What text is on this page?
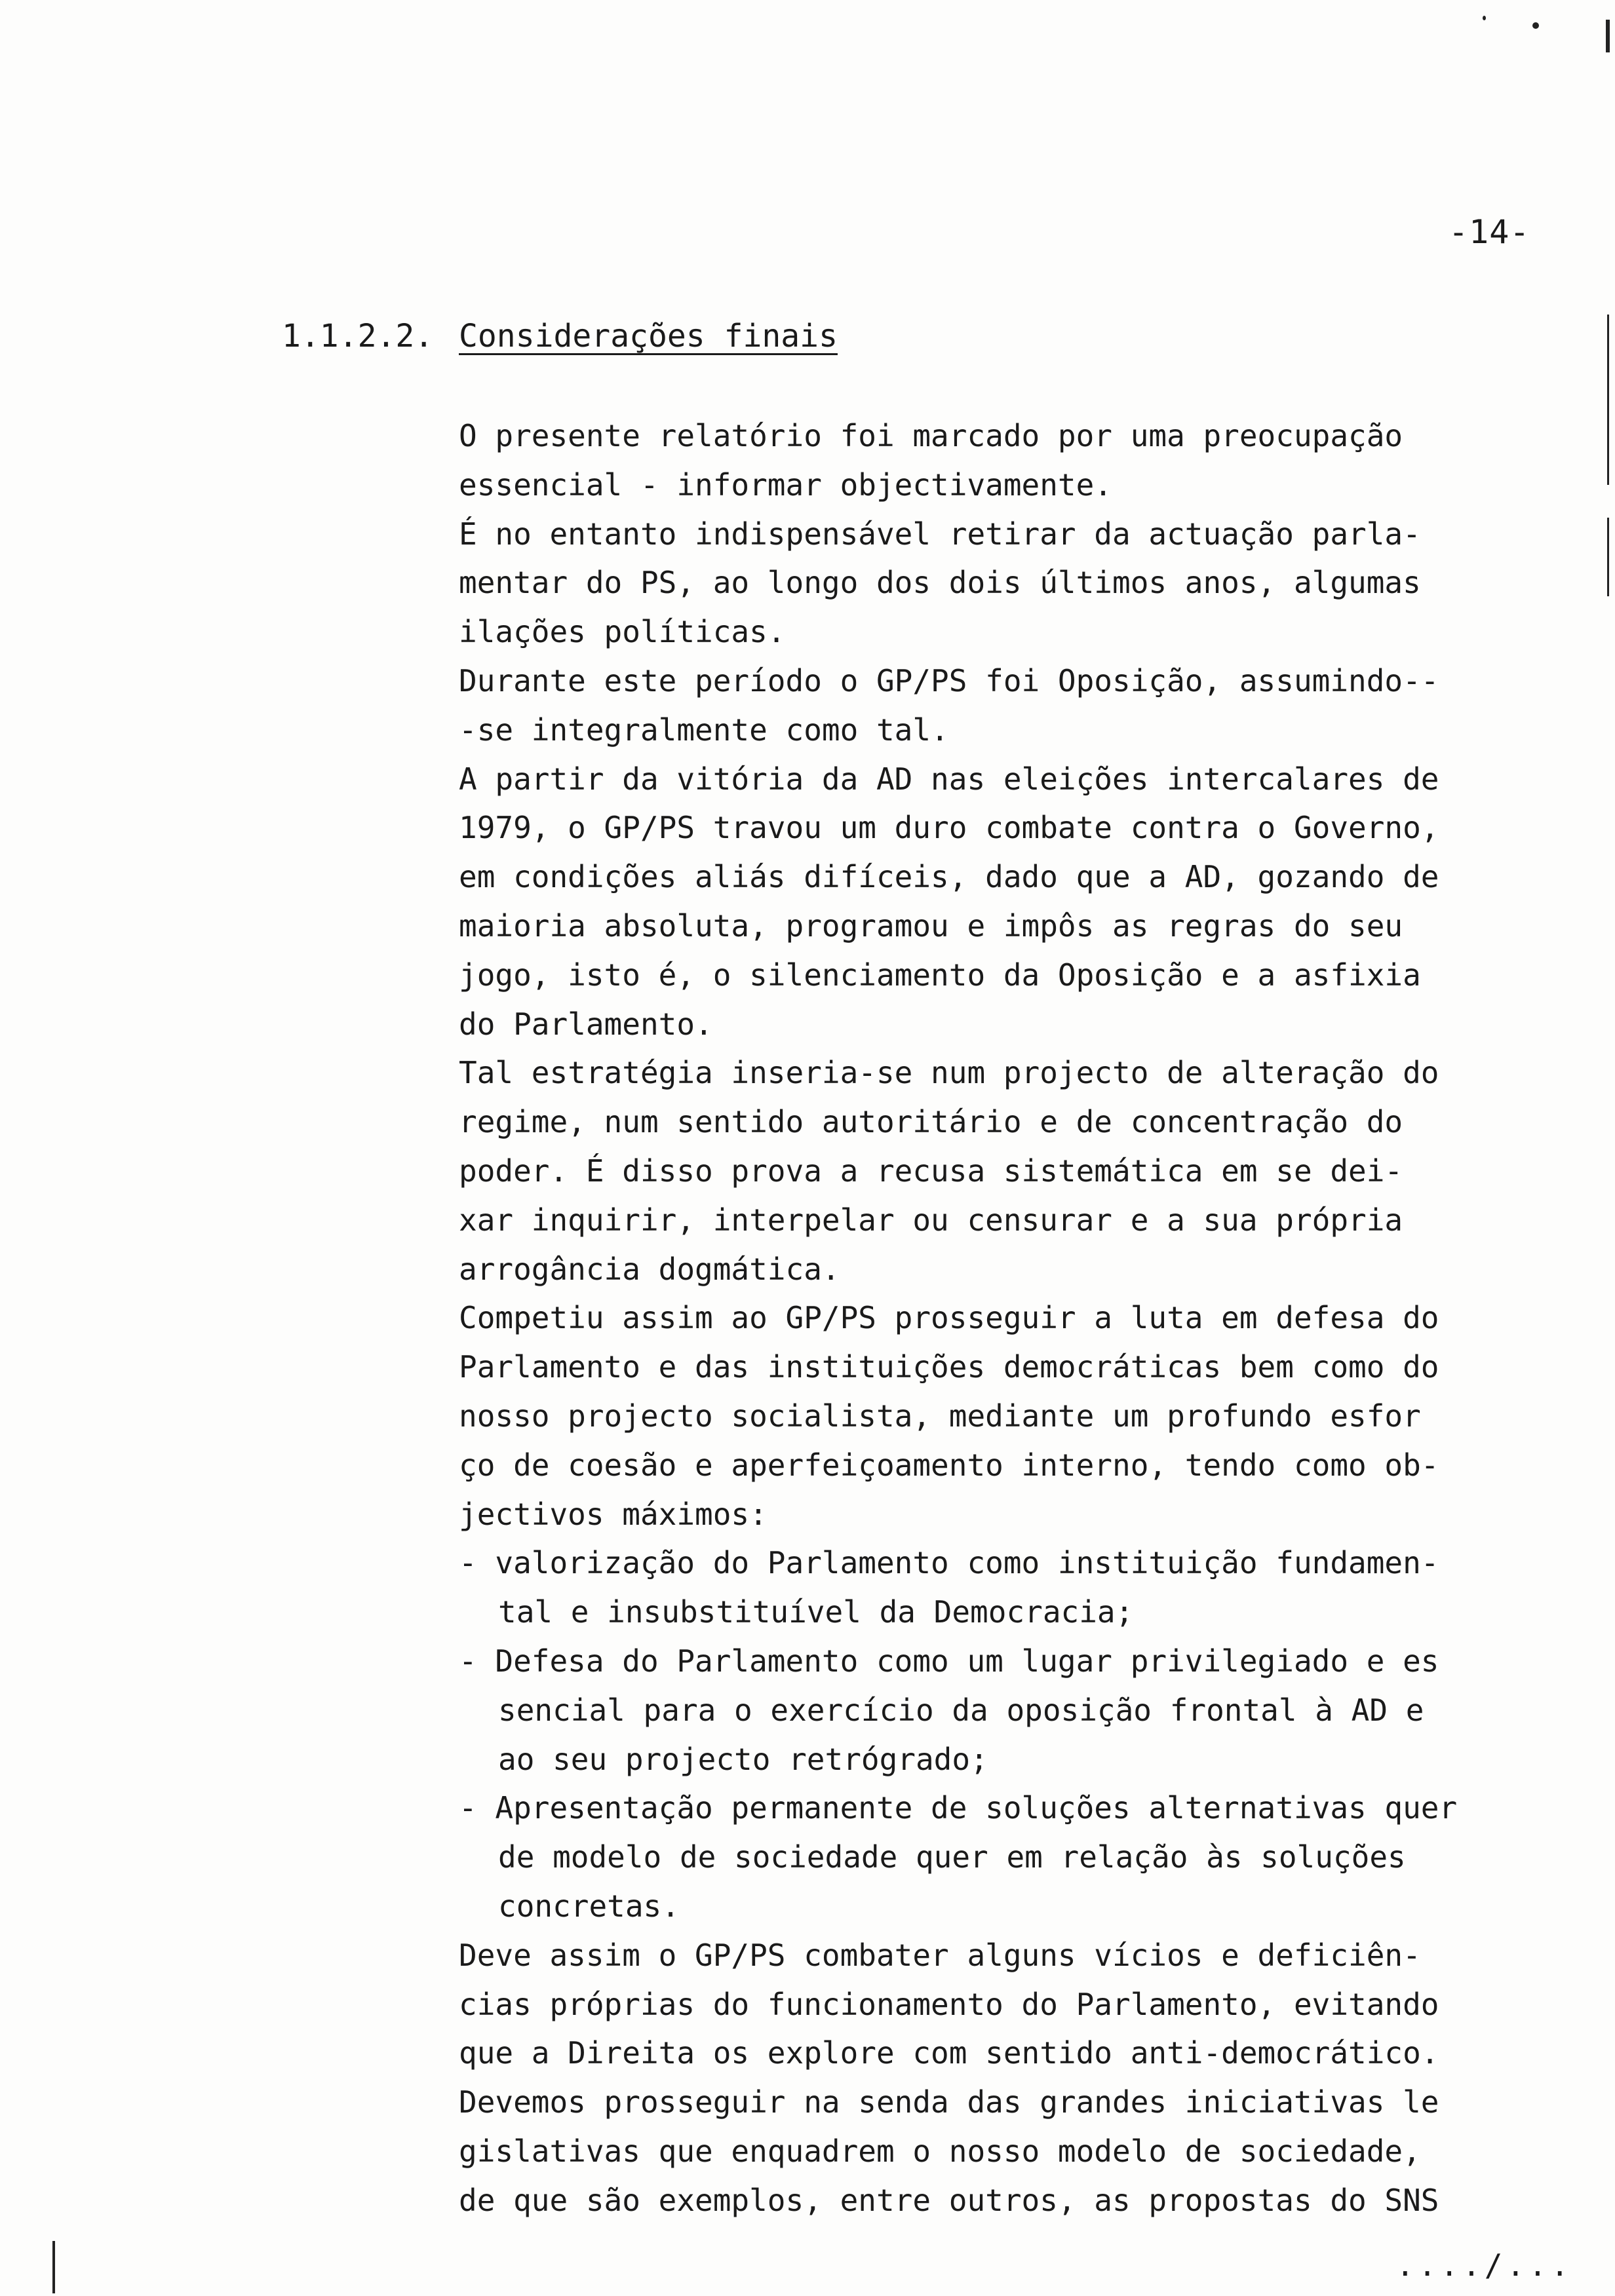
-14-
1.1.2.2. Considerações finais
O presente relatório foi marcado por uma preocupação
essencial - informar objectivamente.
É no entanto indispensável retirar da actuação parla-
mentar do PS, ao longo dos dois últimos anos, algumas
ilações políticas.
Durante este período o GP/PS foi Oposição, assumindo--
-se integralmente como tal.
A partir da vitória da AD nas eleições intercalares de
1979, o GP/PS travou um duro combate contra o Governo,
em condições aliás difíceis, dado que a AD, gozando de
maioria absoluta, programou e impôs as regras do seu
jogo, isto é, o silenciamento da Oposição e a asfixia
do Parlamento.
Tal estratégia inseria-se num projecto de alteração do
regime, num sentido autoritário e de concentração do
poder. É disso prova a recusa sistemática em se dei-
xar inquirir, interpelar ou censurar e a sua própria
arrogância dogmática.
Competiu assim ao GP/PS prosseguir a luta em defesa do
Parlamento e das instituições democráticas bem como do
nosso projecto socialista, mediante um profundo esfor
ço de coesão e aperfeiçoamento interno, tendo como ob-
jectivos máximos:
- valorização do Parlamento como instituição fundamen-
tal e insubstituível da Democracia;
- Defesa do Parlamento como um lugar privilegiado e es
sencial para o exercício da oposição frontal à AD e
ao seu projecto retrógrado;
- Apresentação permanente de soluções alternativas quer
de modelo de sociedade quer em relação às soluções
concretas.
Deve assim o GP/PS combater alguns vícios e deficiên-
cias próprias do funcionamento do Parlamento, evitando
que a Direita os explore com sentido anti-democrático.
Devemos prosseguir na senda das grandes iniciativas le
gislativas que enquadrem o nosso modelo de sociedade,
de que são exemplos, entre outros, as propostas do SNS
..../...
